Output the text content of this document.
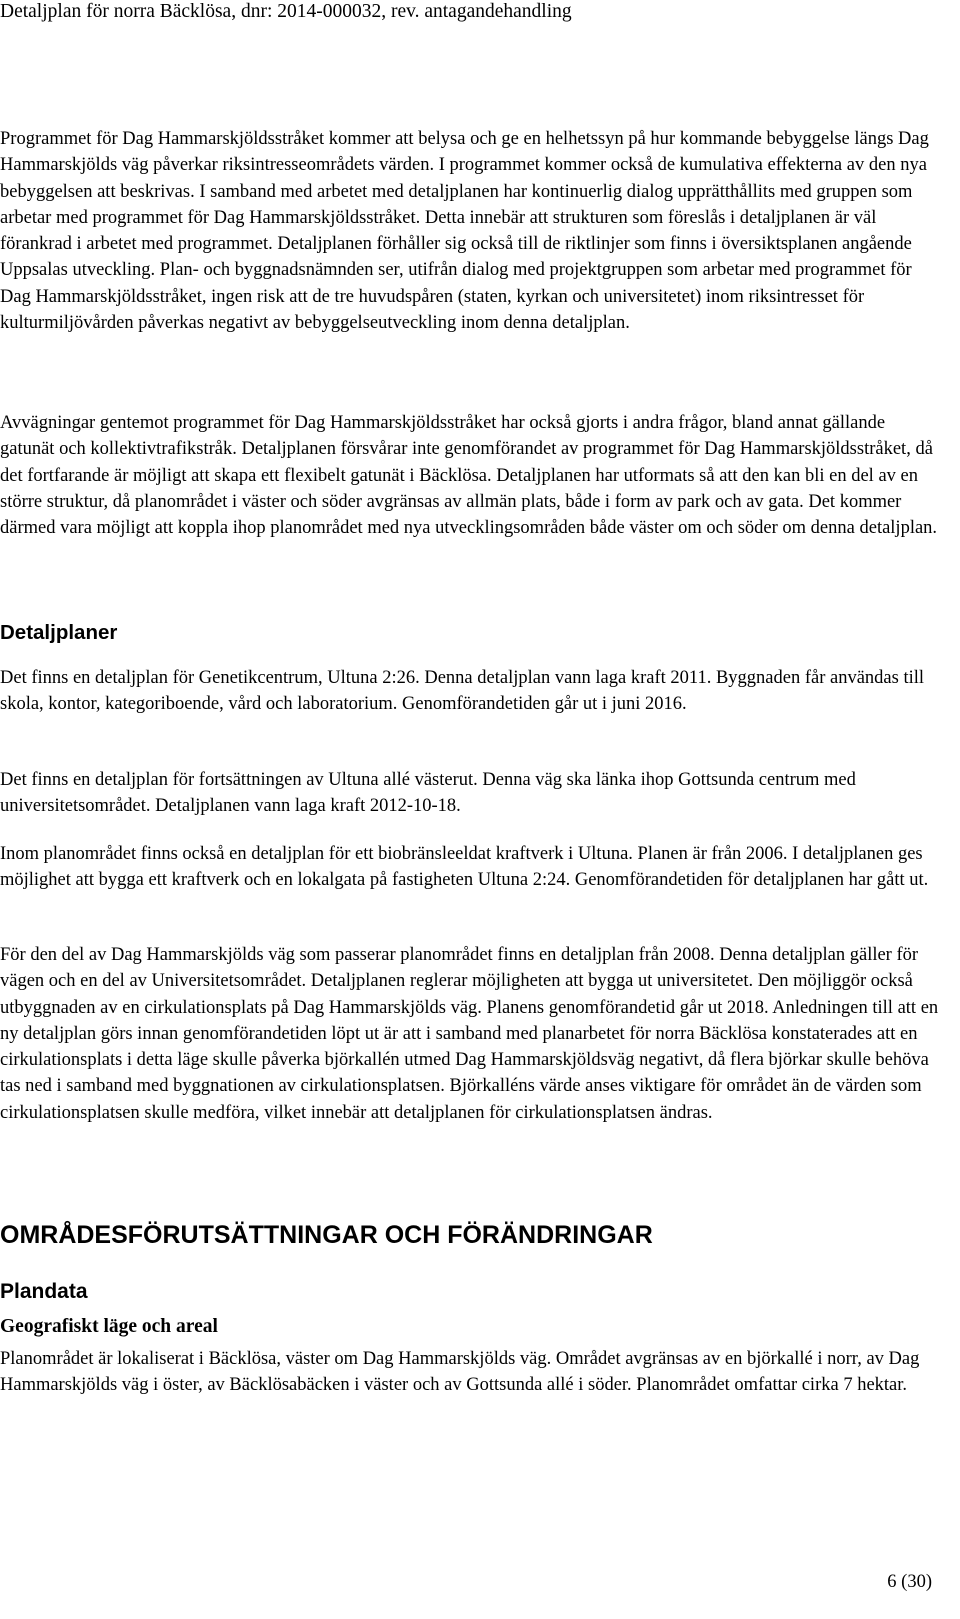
Detaljplan för norra Bäcklösa, dnr: 2014-000032, rev. antagandehandling

Programmet för Dag Hammarskjöldsstråket kommer att belysa och ge en helhetssyn på hur kommande bebyggelse längs Dag Hammarskjölds väg påverkar riksintresseområdets värden. I programmet kommer också de kumulativa effekterna av den nya bebyggelsen att beskrivas. I samband med arbetet med detaljplanen har kontinuerlig dialog upprätthållits med gruppen som arbetar med programmet för Dag Hammarskjöldsstråket. Detta innebär att strukturen som föreslås i detaljplanen är väl förankrad i arbetet med programmet. Detaljplanen förhåller sig också till de riktlinjer som finns i översiktsplanen angående Uppsalas utveckling. Plan- och byggnadsnämnden ser, utifrån dialog med projektgruppen som arbetar med programmet för Dag Hammarskjöldsstråket, ingen risk att de tre huvudspåren (staten, kyrkan och universitetet) inom riksintresset för kulturmiljövården påverkas negativt av bebyggelseutveckling inom denna detaljplan.

Avvägningar gentemot programmet för Dag Hammarskjöldsstråket har också gjorts i andra frågor, bland annat gällande gatunät och kollektivtrafikstråk. Detaljplanen försvårar inte genomförandet av programmet för Dag Hammarskjöldsstråket, då det fortfarande är möjligt att skapa ett flexibelt gatunät i Bäcklösa. Detaljplanen har utformats så att den kan bli en del av en större struktur, då planområdet i väster och söder avgränsas av allmän plats, både i form av park och av gata. Det kommer därmed vara möjligt att koppla ihop planområdet med nya utvecklingsområden både väster om och söder om denna detaljplan.

Detaljplaner

Det finns en detaljplan för Genetikcentrum, Ultuna 2:26. Denna detaljplan vann laga kraft 2011. Byggnaden får användas till skola, kontor, kategoriboende, vård och laboratorium. Genomförandetiden går ut i juni 2016.

Det finns en detaljplan för fortsättningen av Ultuna allé västerut. Denna väg ska länka ihop Gottsunda centrum med universitetsområdet. Detaljplanen vann laga kraft 2012-10-18.

Inom planområdet finns också en detaljplan för ett biobränsleeldat kraftverk i Ultuna. Planen är från 2006. I detaljplanen ges möjlighet att bygga ett kraftverk och en lokalgata på fastigheten Ultuna 2:24. Genomförandetiden för detaljplanen har gått ut.

För den del av Dag Hammarskjölds väg som passerar planområdet finns en detaljplan från 2008. Denna detaljplan gäller för vägen och en del av Universitetsområdet. Detaljplanen reglerar möjligheten att bygga ut universitetet. Den möjliggör också utbyggnaden av en cirkulationsplats på Dag Hammarskjölds väg. Planens genomförandetid går ut 2018. Anledningen till att en ny detaljplan görs innan genomförandetiden löpt ut är att i samband med planarbetet för norra Bäcklösa konstaterades att en cirkulationsplats i detta läge skulle påverka björkallén utmed Dag Hammarskjöldsväg negativt, då flera björkar skulle behöva tas ned i samband med byggnationen av cirkulationsplatsen. Björkalléns värde anses viktigare för området än de värden som cirkulationsplatsen skulle medföra, vilket innebär att detaljplanen för cirkulationsplatsen ändras.

OMRÅDESFÖRUTSÄTTNINGAR OCH FÖRÄNDRINGAR
Plandata
Geografiskt läge och areal

Planområdet är lokaliserat i Bäcklösa, väster om Dag Hammarskjölds väg. Området avgränsas av en björkallé i norr, av Dag Hammarskjölds väg i öster, av Bäcklösabäcken i väster och av Gottsunda allé i söder. Planområdet omfattar cirka 7 hektar.

6 (30)
